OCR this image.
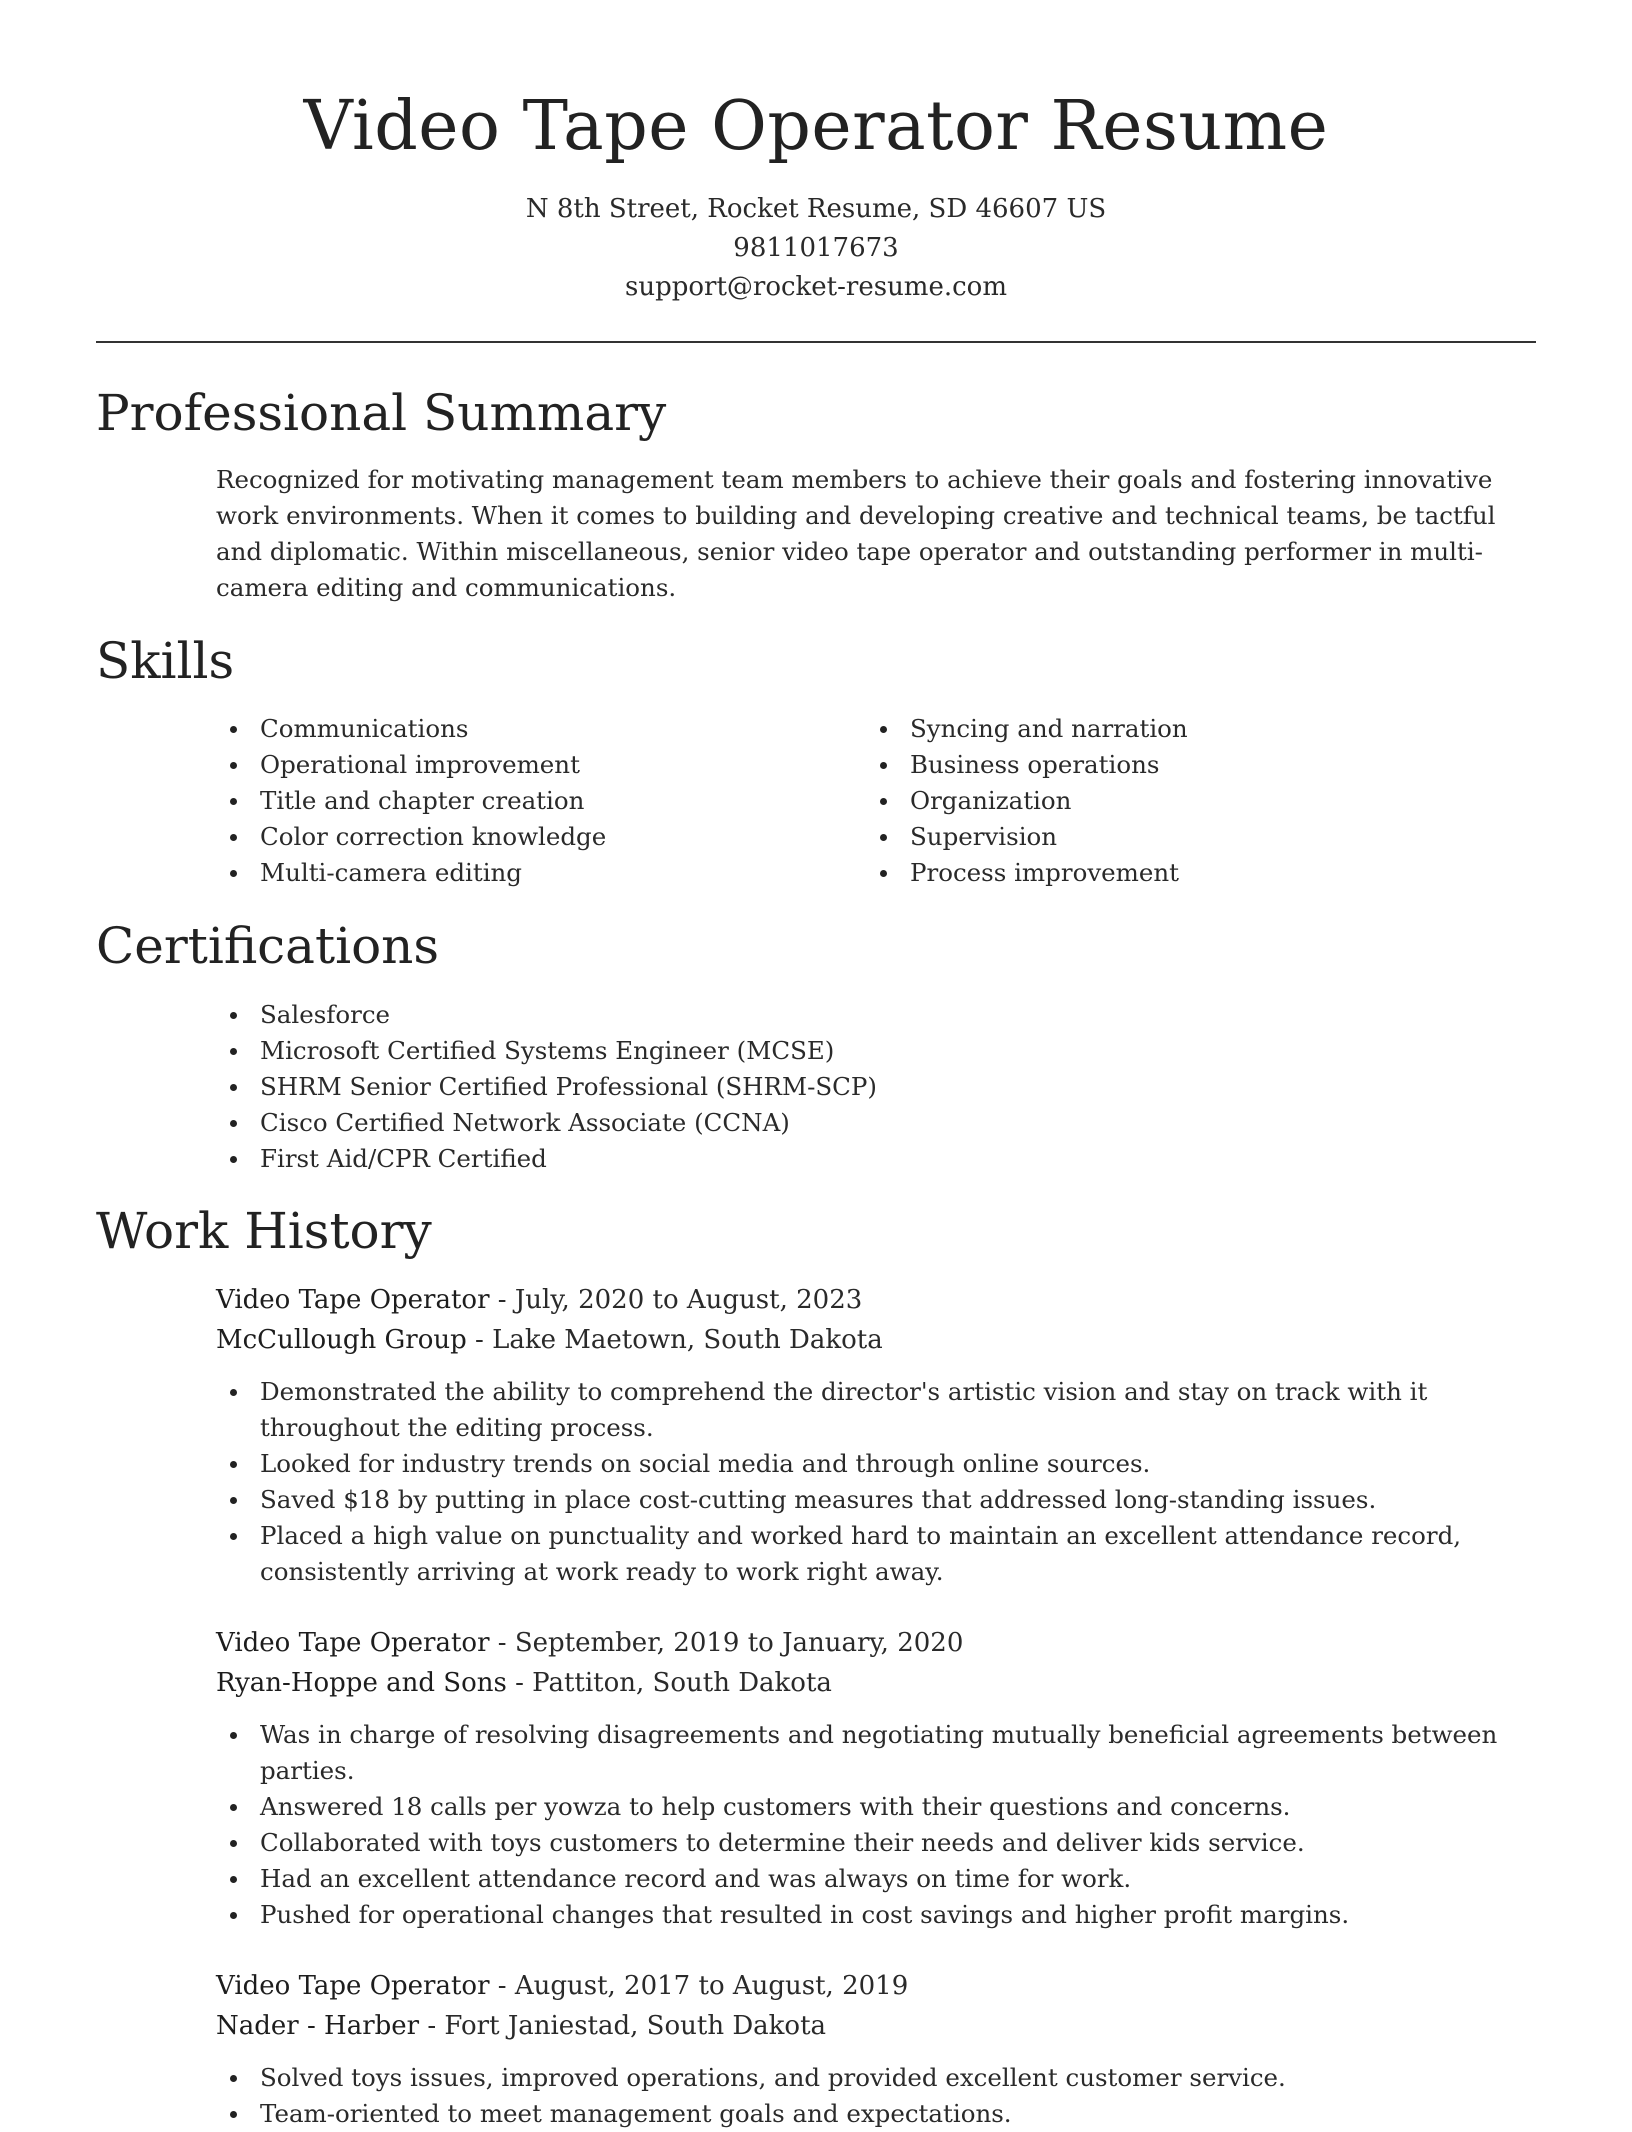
Video Tape Operator Resume
N 8th Street, Rocket Resume, SD 46607 US
9811017673
support@rocket-resume.com
Professional Summary

Recognized for motivating management team members to achieve their goals and fostering innovative work environments. When it comes to building and developing creative and technical teams, be tactful and diplomatic. Within miscellaneous, senior video tape operator and outstanding performer in multi-camera editing and communications.

Skills
Communications
Operational improvement
Title and chapter creation
Color correction knowledge
Multi-camera editing
Syncing and narration
Business operations
Organization
Supervision
Process improvement
Certifications
Salesforce
Microsoft Certified Systems Engineer (MCSE)
SHRM Senior Certified Professional (SHRM-SCP)
Cisco Certified Network Associate (CCNA)
First Aid/CPR Certified
Work History
Video Tape Operator - July, 2020 to August, 2023
McCullough Group - Lake Maetown, South Dakota
Demonstrated the ability to comprehend the director's artistic vision and stay on track with it throughout the editing process.
Looked for industry trends on social media and through online sources.
Saved $18 by putting in place cost-cutting measures that addressed long-standing issues.
Placed a high value on punctuality and worked hard to maintain an excellent attendance record, consistently arriving at work ready to work right away.
Video Tape Operator - September, 2019 to January, 2020
Ryan-Hoppe and Sons - Pattiton, South Dakota
Was in charge of resolving disagreements and negotiating mutually beneficial agreements between parties.
Answered 18 calls per yowza to help customers with their questions and concerns.
Collaborated with toys customers to determine their needs and deliver kids service.
Had an excellent attendance record and was always on time for work.
Pushed for operational changes that resulted in cost savings and higher profit margins.
Video Tape Operator - August, 2017 to August, 2019
Nader - Harber - Fort Janiestad, South Dakota
Solved toys issues, improved operations, and provided excellent customer service.
Team-oriented to meet management goals and expectations.
